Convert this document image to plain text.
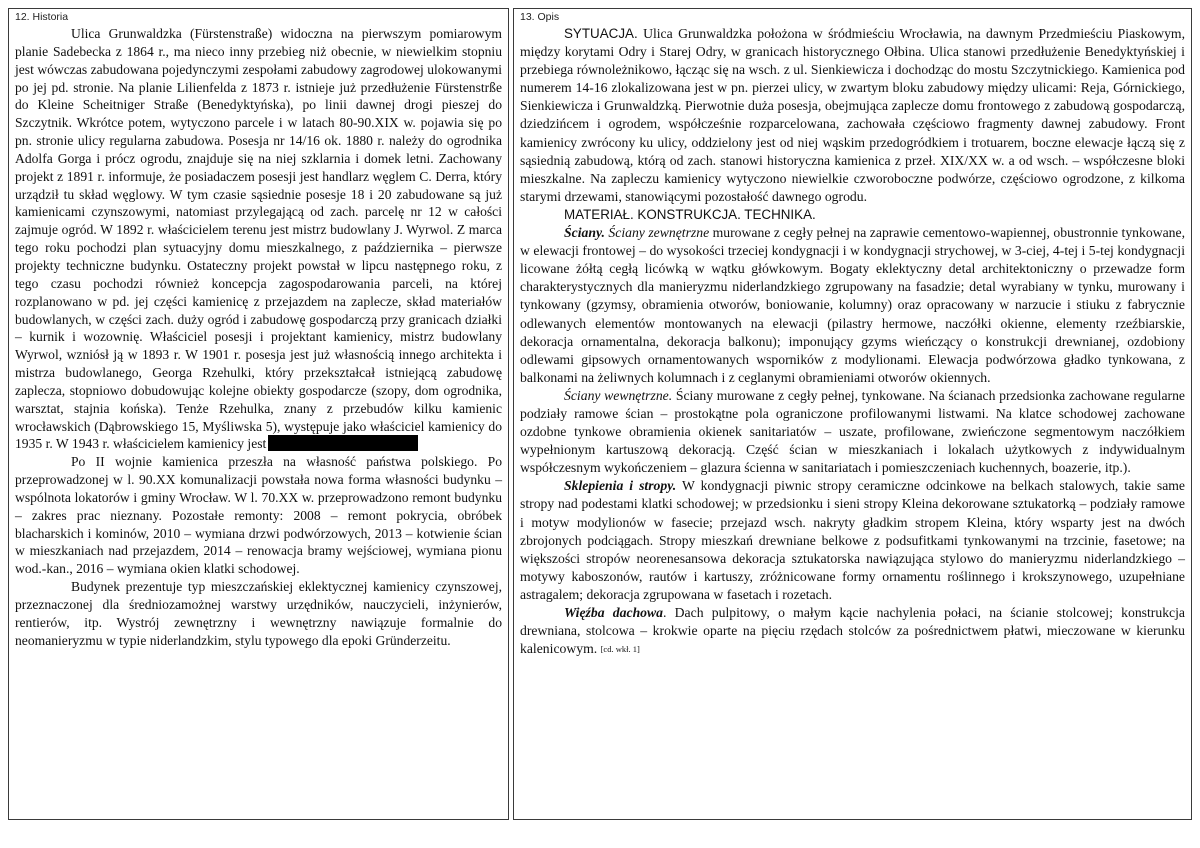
12. Historia

Ulica Grunwaldzka (Fürstenstraße) widoczna na pierwszym pomiarowym planie Sadebecka z 1864 r., ma nieco inny przebieg niż obecnie, w niewielkim stopniu jest wówczas zabudowana pojedynczymi zespołami zabudowy zagrodowej ulokowanymi po jej pd. stronie. Na planie Lilienfelda z 1873 r. istnieje już przedłużenie Fürstenstrße do Kleine Scheitniger Straße (Benedyktyńska), po linii dawnej drogi pieszej do Szczytnik. Wkrótce potem, wytyczono parcele i w latach 80-90.XIX w. pojawia się po pn. stronie ulicy regularna zabudowa. Posesja nr 14/16 ok. 1880 r. należy do ogrodnika Adolfa Gorga i prócz ogrodu, znajduje się na niej szklarnia i domek letni. Zachowany projekt z 1891 r. informuje, że posiadaczem posesji jest handlarz węglem C. Derra, który urządził tu skład węglowy. W tym czasie sąsiednie posesje 18 i 20 zabudowane są już kamienicami czynszowymi, natomiast przylegającą od zach. parcelę nr 12 w całości zajmuje ogród. W 1892 r. właścicielem terenu jest mistrz budowlany J. Wyrwol. Z marca tego roku pochodzi plan sytuacyjny domu mieszkalnego, z października – pierwsze projekty techniczne budynku. Ostateczny projekt powstał w lipcu następnego roku, z tego czasu pochodzi również koncepcja zagospodarowania parceli, na której rozplanowano w pd. jej części kamienicę z przejazdem na zaplecze, skład materiałów budowlanych, w części zach. duży ogród i zabudowę gospodarczą przy granicach działki – kurnik i wozownię. Właściciel posesji i projektant kamienicy, mistrz budowlany Wyrwol, wzniósł ją w 1893 r. W 1901 r. posesja jest już własnością innego architekta i mistrza budowlanego, Georga Rzehulki, który przekształcał istniejącą zabudowę zaplecza, stopniowo dobudowując kolejne obiekty gospodarcze (szopy, dom ogrodnika, warsztat, stajnia końska). Tenże Rzehulka, znany z przebudów kilku kamienic wrocławskich (Dąbrowskiego 15, Myśliwska 5), występuje jako właściciel kamienicy do 1935 r. W 1943 r. właścicielem kamienicy jest

Po II wojnie kamienica przeszła na własność państwa polskiego. Po przeprowadzonej w l. 90.XX komunalizacji powstała nowa forma własności budynku – wspólnota lokatorów i gminy Wrocław. W l. 70.XX w. przeprowadzono remont budynku – zakres prac nieznany. Pozostałe remonty: 2008 – remont pokrycia, obróbek blacharskich i kominów, 2010 – wymiana drzwi podwórzowych, 2013 – kotwienie ścian w mieszkaniach nad przejazdem, 2014 – renowacja bramy wejściowej, wymiana pionu wod.-kan., 2016 – wymiana okien klatki schodowej.

Budynek prezentuje typ mieszczańskiej eklektycznej kamienicy czynszowej, przeznaczonej dla średniozamożnej warstwy urzędników, nauczycieli, inżynierów, rentierów, itp. Wystrój zewnętrzny i wewnętrzny nawiązuje formalnie do neomanieryzmu w typie niderlandzkim, stylu typowego dla epoki Gründerzeitu.

13. Opis

SYTUACJA. Ulica Grunwaldzka położona w śródmieściu Wrocławia, na dawnym Przedmieściu Piaskowym, między korytami Odry i Starej Odry, w granicach historycznego Ołbina. Ulica stanowi przedłużenie Benedyktyńskiej i przebiega równoleżnikowo, łącząc się na wsch. z ul. Sienkiewicza i dochodząc do mostu Szczytnickiego. Kamienica pod numerem 14-16 zlokalizowana jest w pn. pierzei ulicy, w zwartym bloku zabudowy między ulicami: Reja, Górnickiego, Sienkiewicza i Grunwaldzką. Pierwotnie duża posesja, obejmująca zaplecze domu frontowego z zabudową gospodarczą, dziedzińcem i ogrodem, współcześnie rozparcelowana, zachowała częściowo fragmenty dawnej zabudowy. Front kamienicy zwrócony ku ulicy, oddzielony jest od niej wąskim przedogródkiem i trotuarem, boczne elewacje łączą się z sąsiednią zabudową, którą od zach. stanowi historyczna kamienica z przeł. XIX/XX w. a od wsch. – współczesne bloki mieszkalne. Na zapleczu kamienicy wytyczono niewielkie czworoboczne podwórze, częściowo ogrodzone, z kilkoma starymi drzewami, stanowiącymi pozostałość dawnego ogrodu.

MATERIAŁ. KONSTRUKCJA. TECHNIKA.

Ściany. Ściany zewnętrzne murowane z cegły pełnej na zaprawie cementowo-wapiennej, obustronnie tynkowane, w elewacji frontowej – do wysokości trzeciej kondygnacji i w kondygnacji strychowej, w 3-ciej, 4-tej i 5-tej kondygnacji licowane żółtą cegłą licówką w wątku główkowym. Bogaty eklektyczny detal architektoniczny o przewadze form charakterystycznych dla manieryzmu niderlandzkiego zgrupowany na fasadzie; detal wyrabiany w tynku, murowany i tynkowany (gzymsy, obramienia otworów, boniowanie, kolumny) oraz opracowany w narzucie i stiuku z fabrycznie odlewanych elementów montowanych na elewacji (pilastry hermowe, naczółki okienne, elementy rzeźbiarskie, dekoracja ornamentalna, dekoracja balkonu); imponujący gzyms wieńczący o konstrukcji drewnianej, ozdobiony odlewami gipsowych ornamentowanych wsporników z modylionami. Elewacja podwórzowa gładko tynkowana, z balkonami na żeliwnych kolumnach i z ceglanymi obramieniami otworów okiennych.

Ściany wewnętrzne. Ściany murowane z cegły pełnej, tynkowane. Na ścianach przedsionka zachowane regularne podziały ramowe ścian – prostokątne pola ograniczone profilowanymi listwami. Na klatce schodowej zachowane ozdobne tynkowe obramienia okienek sanitariatów – uszate, profilowane, zwieńczone segmentowym naczółkiem wypełnionym kartuszową dekoracją. Część ścian w mieszkaniach i lokalach użytkowych z indywidualnym współczesnym wykończeniem – glazura ścienna w sanitariatach i pomieszczeniach kuchennych, boazerie, itp.).

Sklepienia i stropy. W kondygnacji piwnic stropy ceramiczne odcinkowe na belkach stalowych, takie same stropy nad podestami klatki schodowej; w przedsionku i sieni stropy Kleina dekorowane sztukatorką – podziały ramowe i motyw modylionów w fasecie; przejazd wsch. nakryty gładkim stropem Kleina, który wsparty jest na dwóch zbrojonych podciągach. Stropy mieszkań drewniane belkowe z podsufitkami tynkowanymi na trzcinie, fasetowe; na większości stropów neorenesansowa dekoracja sztukatorska nawiązująca stylowo do manieryzmu niderlandzkiego – motywy kaboszonów, rautów i kartuszy, zróżnicowane formy ornamentu roślinnego i krokszynowego, uzupełniane astragalem; dekoracja zgrupowana w fasetach i rozetach.

Więźba dachowa. Dach pulpitowy, o małym kącie nachylenia połaci, na ścianie stolcowej; konstrukcja drewniana, stolcowa – krokwie oparte na pięciu rzędach stolców za pośrednictwem płatwi, mieczowane w kierunku kalenicowym. [cd. wkł. 1]
